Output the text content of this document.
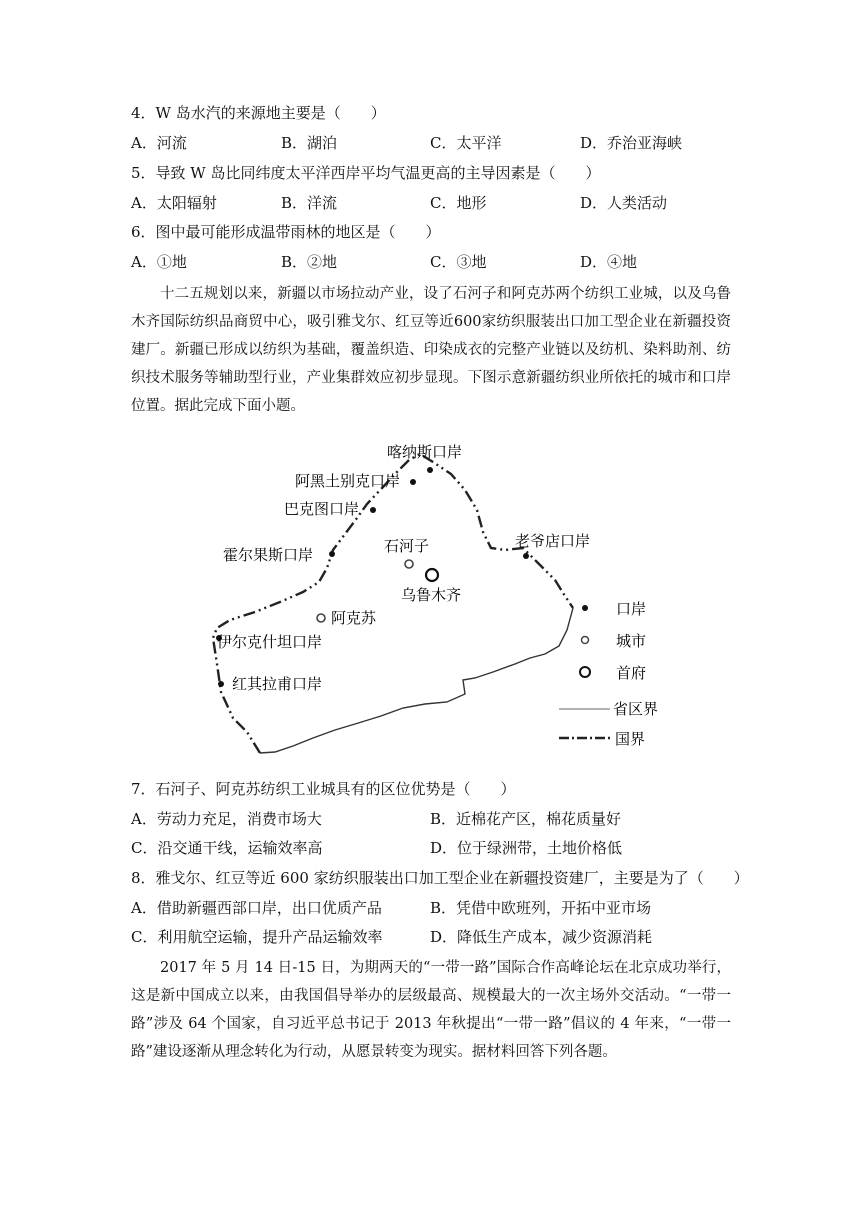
4．W 岛水汽的来源地主要是（　　）
A．河流	B．湖泊	C．太平洋	D．乔治亚海峡
5．导致 W 岛比同纬度太平洋西岸平均气温更高的主导因素是（　　）
A．太阳辐射	B．洋流	C．地形	D．人类活动
6．图中最可能形成温带雨林的地区是（　　）
A．①地	B．②地	C．③地	D．④地
十二五规划以来，新疆以市场拉动产业，设了石河子和阿克苏两个纺织工业城，以及乌鲁木齐国际纺织品商贸中心，吸引雅戈尔、红豆等近600家纺织服装出口加工型企业在新疆投资建厂。新疆已形成以纺织为基础，覆盖织造、印染成衣的完整产业链以及纺机、染料助剂、纺织技术服务等辅助型行业，产业集群效应初步显现。下图示意新疆纺织业所依托的城市和口岸位置。据此完成下面小题。
喀纳斯口岸
阿黑土别克口岸
巴克图口岸
霍尔果斯口岸
伊尔克什坦口岸
红其拉甫口岸
老爷店口岸
石河子
阿克苏
乌鲁木齐
口岸
城市
首府
省区界
国界
7．石河子、阿克苏纺织工业城具有的区位优势是（　　）
A．劳动力充足，消费市场大	B．近棉花产区，棉花质量好
C．沿交通干线，运输效率高	D．位于绿洲带，土地价格低
8．雅戈尔、红豆等近 600 家纺织服装出口加工型企业在新疆投资建厂，主要是为了（　　）
A．借助新疆西部口岸，出口优质产品	B．凭借中欧班列，开拓中亚市场
C．利用航空运输，提升产品运输效率	D．降低生产成本，减少资源消耗
2017 年 5 月 14 日-15 日，为期两天的“一带一路”国际合作高峰论坛在北京成功举行，这是新中国成立以来，由我国倡导举办的层级最高、规模最大的一次主场外交活动。“一带一路”涉及 64 个国家，自习近平总书记于 2013 年秋提出“一带一路”倡议的 4 年来，“一带一路”建设逐渐从理念转化为行动，从愿景转变为现实。据材料回答下列各题。
